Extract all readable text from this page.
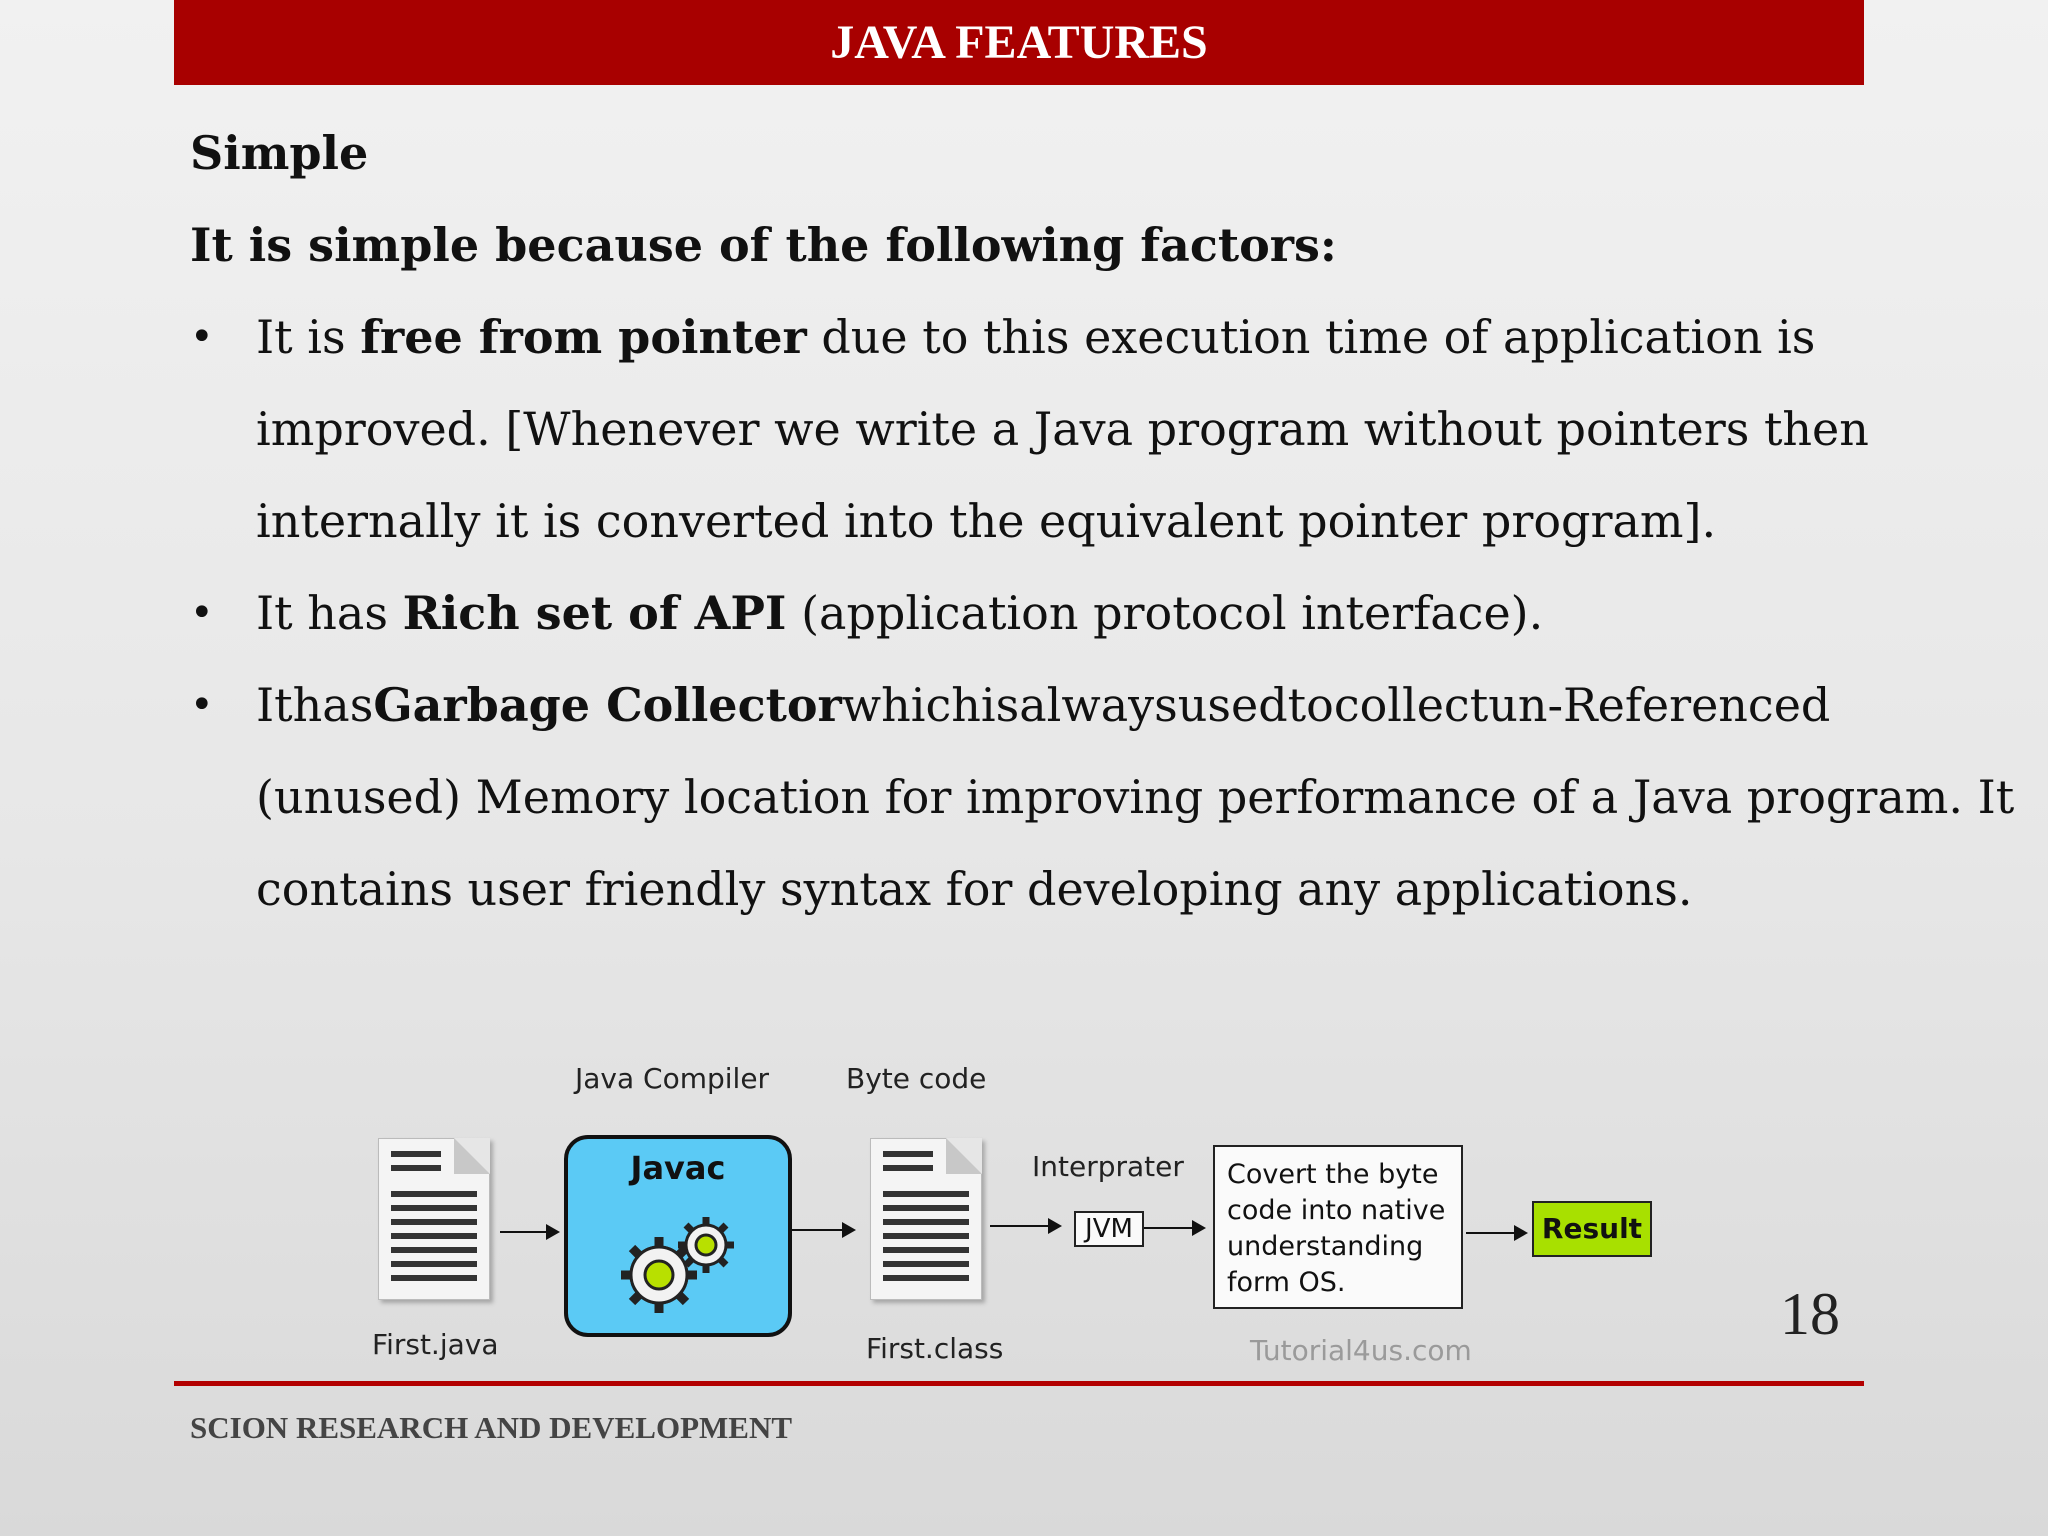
JAVA FEATURES
Simple
It is simple because of the following factors:
• It is free from pointer due to this execution time of application is
improved. [Whenever we write a Java program without pointers then
internally it is converted into the equivalent pointer program].
• It has Rich set of API (application protocol interface).
• It has Garbage Collector which is always used to collect un-Referenced
(unused) Memory location for improving performance of a Java program. It
contains user friendly syntax for developing any applications.
Java Compiler	Byte code
First.java
Javac
First.class
Interprater
JVM
Covert the byte
code into native
understanding
form OS.
Result
Tutorial4us.com
18
SCION RESEARCH AND DEVELOPMENT
